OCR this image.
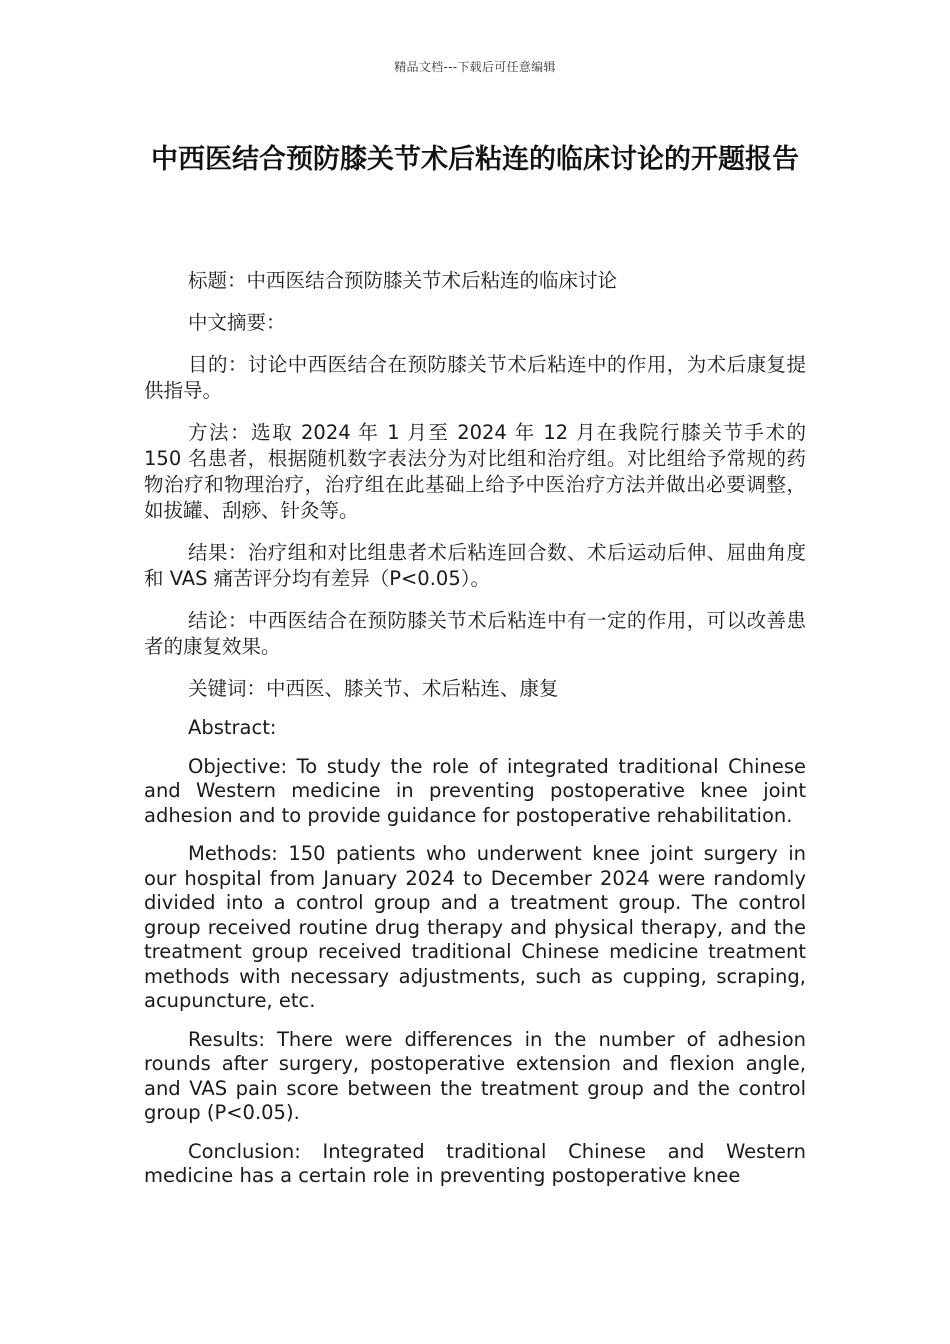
精品文档---下载后可任意编辑
中西医结合预防膝关节术后粘连的临床讨论的开题报告

标题：中西医结合预防膝关节术后粘连的临床讨论

中文摘要：

目的：讨论中西医结合在预防膝关节术后粘连中的作用，为术后康复提供指导。

方法：选取 2024 年 1 月至 2024 年 12 月在我院行膝关节手术的 150 名患者，根据随机数字表法分为对比组和治疗组。对比组给予常规的药物治疗和物理治疗，治疗组在此基础上给予中医治疗方法并做出必要调整，如拔罐、刮痧、针灸等。

结果：治疗组和对比组患者术后粘连回合数、术后运动后伸、屈曲角度和 VAS 痛苦评分均有差异（P<0.05）。

结论：中西医结合在预防膝关节术后粘连中有一定的作用，可以改善患者的康复效果。

关键词：中西医、膝关节、术后粘连、康复

Abstract:

Objective: To study the role of integrated traditional Chinese and Western medicine in preventing postoperative knee joint adhesion and to provide guidance for postoperative rehabilitation.

Methods: 150 patients who underwent knee joint surgery in our hospital from January 2024 to December 2024 were randomly divided into a control group and a treatment group. The control group received routine drug therapy and physical therapy, and the treatment group received traditional Chinese medicine treatment methods with necessary adjustments, such as cupping, scraping, acupuncture, etc.

Results: There were differences in the number of adhesion rounds after surgery, postoperative extension and flexion angle, and VAS pain score between the treatment group and the control group (P<0.05).

Conclusion: Integrated traditional Chinese and Western medicine has a certain role in preventing postoperative knee
